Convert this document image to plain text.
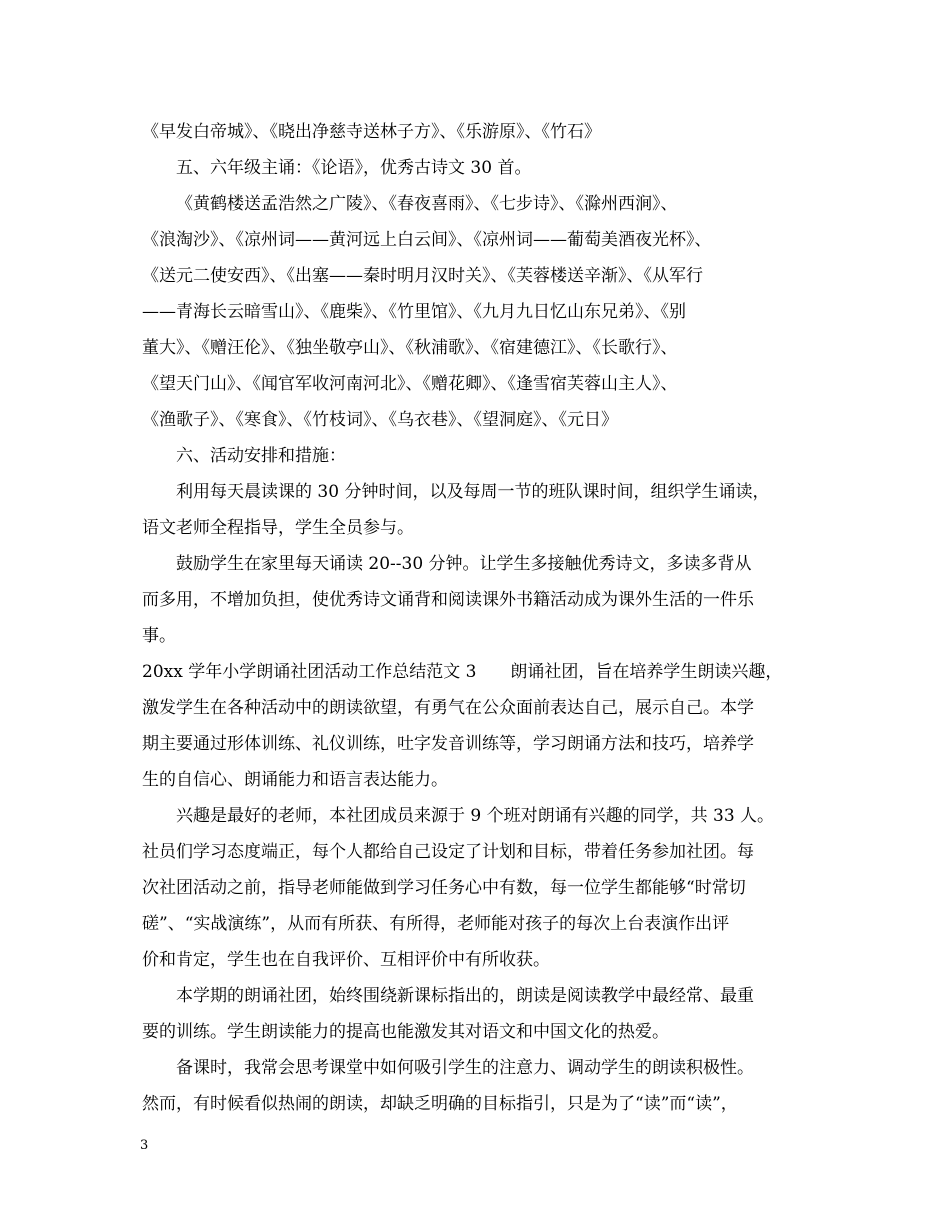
《早发白帝城》、《晓出净慈寺送林子方》、《乐游原》、《竹石》
五、六年级主诵：《论语》，优秀古诗文 30 首。
《黄鹤楼送孟浩然之广陵》、《春夜喜雨》、《七步诗》、《滁州西涧》、
《浪淘沙》、《凉州词——黄河远上白云间》、《凉州词——葡萄美酒夜光杯》、
《送元二使安西》、《出塞——秦时明月汉时关》、《芙蓉楼送辛渐》、《从军行
——青海长云暗雪山》、《鹿柴》、《竹里馆》、《九月九日忆山东兄弟》、《别
董大》、《赠汪伦》、《独坐敬亭山》、《秋浦歌》、《宿建德江》、《长歌行》、
《望天门山》、《闻官军收河南河北》、《赠花卿》、《逢雪宿芙蓉山主人》、
《渔歌子》、《寒食》、《竹枝词》、《乌衣巷》、《望洞庭》、《元日》
六、活动安排和措施：
利用每天晨读课的 30 分钟时间，以及每周一节的班队课时间，组织学生诵读，
语文老师全程指导，学生全员参与。
鼓励学生在家里每天诵读 20--30 分钟。让学生多接触优秀诗文，多读多背从
而多用，不增加负担，使优秀诗文诵背和阅读课外书籍活动成为课外生活的一件乐
事。
20xx 学年小学朗诵社团活动工作总结范文 3　　朗诵社团，旨在培养学生朗读兴趣，
激发学生在各种活动中的朗读欲望，有勇气在公众面前表达自己，展示自己。本学
期主要通过形体训练、礼仪训练，吐字发音训练等，学习朗诵方法和技巧，培养学
生的自信心、朗诵能力和语言表达能力。
兴趣是最好的老师，本社团成员来源于 9 个班对朗诵有兴趣的同学，共 33 人。
社员们学习态度端正，每个人都给自己设定了计划和目标，带着任务参加社团。每
次社团活动之前，指导老师能做到学习任务心中有数，每一位学生都能够“时常切
磋”、“实战演练”，从而有所获、有所得，老师能对孩子的每次上台表演作出评
价和肯定，学生也在自我评价、互相评价中有所收获。
本学期的朗诵社团，始终围绕新课标指出的，朗读是阅读教学中最经常、最重
要的训练。学生朗读能力的提高也能激发其对语文和中国文化的热爱。
备课时，我常会思考课堂中如何吸引学生的注意力、调动学生的朗读积极性。
然而，有时候看似热闹的朗读，却缺乏明确的目标指引，只是为了“读”而“读”，
3
